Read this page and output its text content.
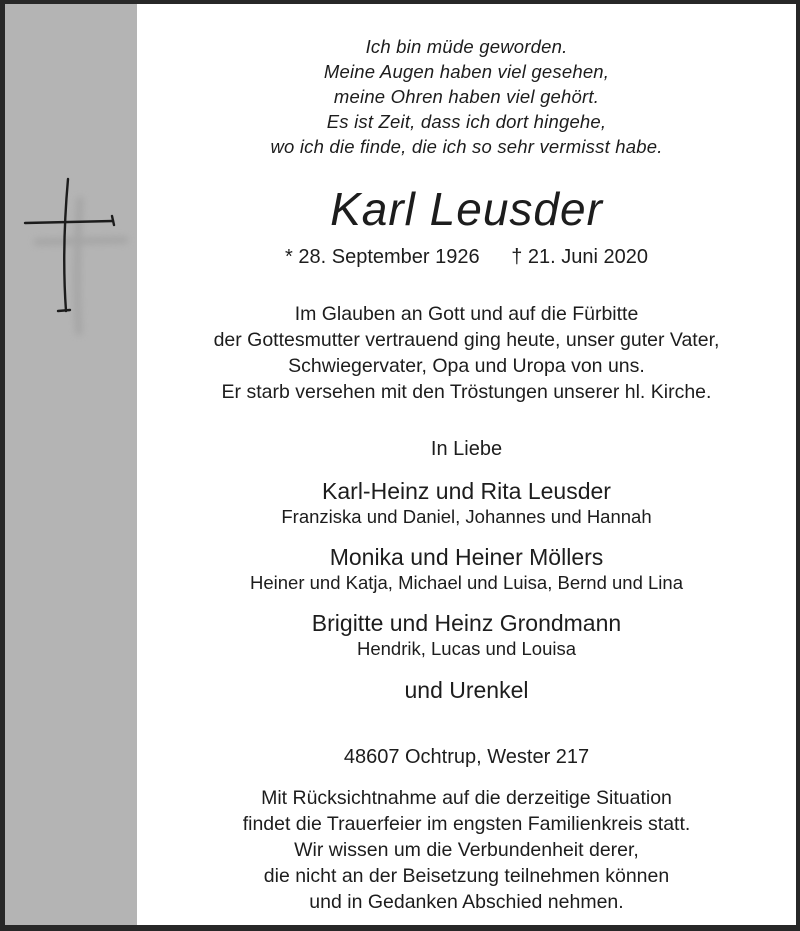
Ich bin müde geworden.
Meine Augen haben viel gesehen,
meine Ohren haben viel gehört.
Es ist Zeit, dass ich dort hingehe,
wo ich die finde, die ich so sehr vermisst habe.
Karl Leusder
* 28. September 1926 † 21. Juni 2020
Im Glauben an Gott und auf die Fürbitte
der Gottesmutter vertrauend ging heute, unser guter Vater,
Schwiegervater, Opa und Uropa von uns.
Er starb versehen mit den Tröstungen unserer hl. Kirche.
In Liebe
Karl-Heinz und Rita Leusder
Franziska und Daniel, Johannes und Hannah
Monika und Heiner Möllers
Heiner und Katja, Michael und Luisa, Bernd und Lina
Brigitte und Heinz Grondmann
Hendrik, Lucas und Louisa
und Urenkel
48607 Ochtrup, Wester 217
Mit Rücksichtnahme auf die derzeitige Situation
findet die Trauerfeier im engsten Familienkreis statt.
Wir wissen um die Verbundenheit derer,
die nicht an der Beisetzung teilnehmen können
und in Gedanken Abschied nehmen.
